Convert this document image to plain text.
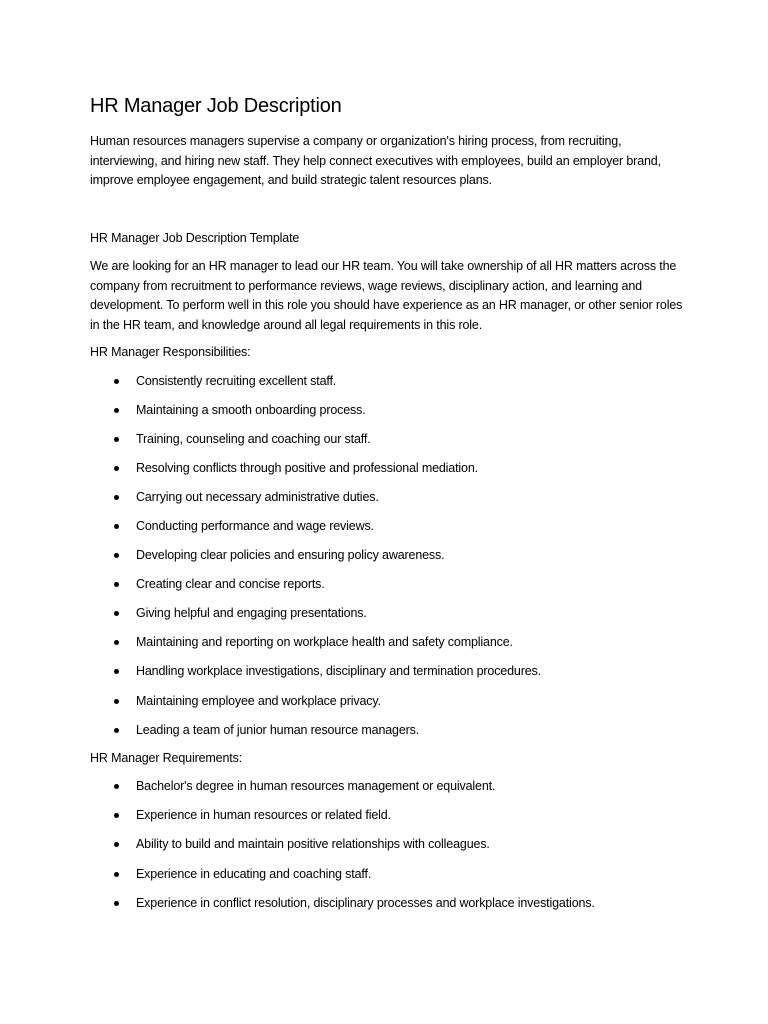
HR Manager Job Description

Human resources managers supervise a company or organization's hiring process, from recruiting, interviewing, and hiring new staff. They help connect executives with employees, build an employer brand, improve employee engagement, and build strategic talent resources plans.

HR Manager Job Description Template

We are looking for an HR manager to lead our HR team. You will take ownership of all HR matters across the company from recruitment to performance reviews, wage reviews, disciplinary action, and learning and development. To perform well in this role you should have experience as an HR manager, or other senior roles in the HR team, and knowledge around all legal requirements in this role.

HR Manager Responsibilities:

Consistently recruiting excellent staff.
Maintaining a smooth onboarding process.
Training, counseling and coaching our staff.
Resolving conflicts through positive and professional mediation.
Carrying out necessary administrative duties.
Conducting performance and wage reviews.
Developing clear policies and ensuring policy awareness.
Creating clear and concise reports.
Giving helpful and engaging presentations.
Maintaining and reporting on workplace health and safety compliance.
Handling workplace investigations, disciplinary and termination procedures.
Maintaining employee and workplace privacy.
Leading a team of junior human resource managers.

HR Manager Requirements:

Bachelor's degree in human resources management or equivalent.
Experience in human resources or related field.
Ability to build and maintain positive relationships with colleagues.
Experience in educating and coaching staff.
Experience in conflict resolution, disciplinary processes and workplace investigations.
